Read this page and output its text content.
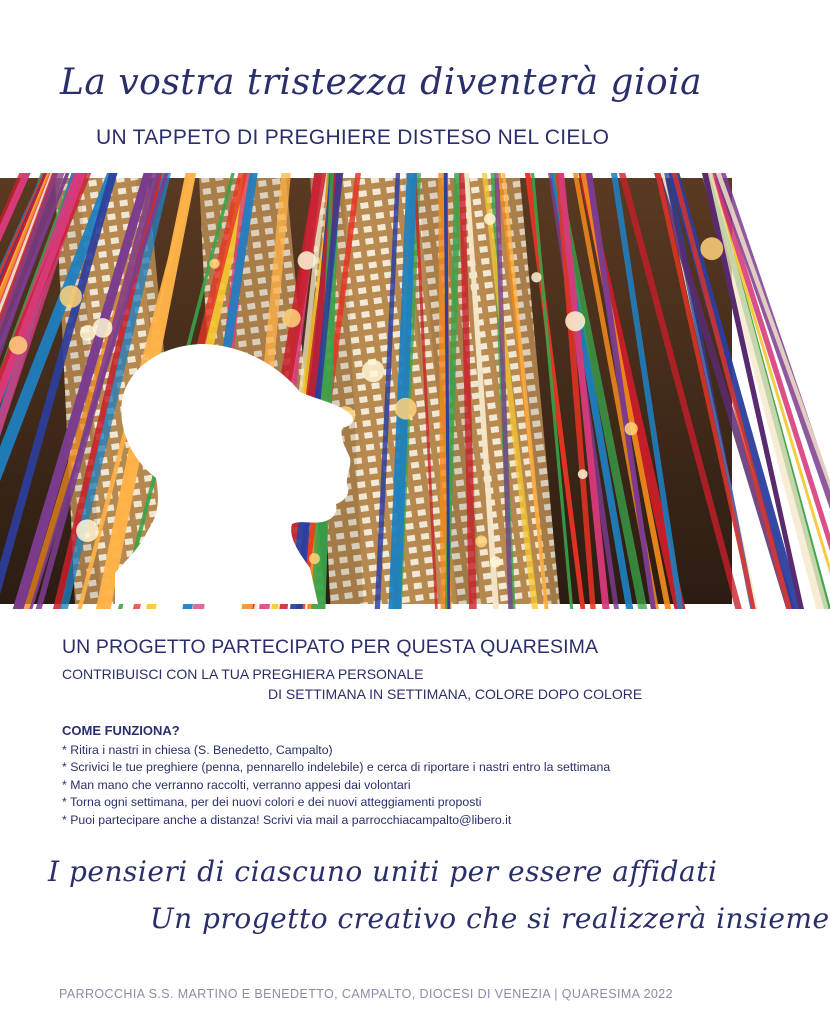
La vostra tristezza diventerà gioia
UN TAPPETO DI PREGHIERE DISTESO NEL CIELO
UN PROGETTO PARTECIPATO PER QUESTA QUARESIMA
CONTRIBUISCI CON LA TUA PREGHIERA PERSONALE
DI SETTIMANA IN SETTIMANA, COLORE DOPO COLORE
COME FUNZIONA?
* Ritira i nastri in chiesa (S. Benedetto, Campalto)
* Scrivici le tue preghiere (penna, pennarello indelebile) e cerca di riportare i nastri entro la settimana
* Man mano che verranno raccolti, verranno appesi dai volontari
* Torna ogni settimana, per dei nuovi colori e dei nuovi atteggiamenti proposti
* Puoi partecipare anche a distanza! Scrivi via mail a parrocchiacampalto@libero.it
I pensieri di ciascuno uniti per essere affidati
Un progetto creativo che si realizzerà insieme
PARROCCHIA S.S. MARTINO E BENEDETTO, CAMPALTO, DIOCESI DI VENEZIA | QUARESIMA 2022
